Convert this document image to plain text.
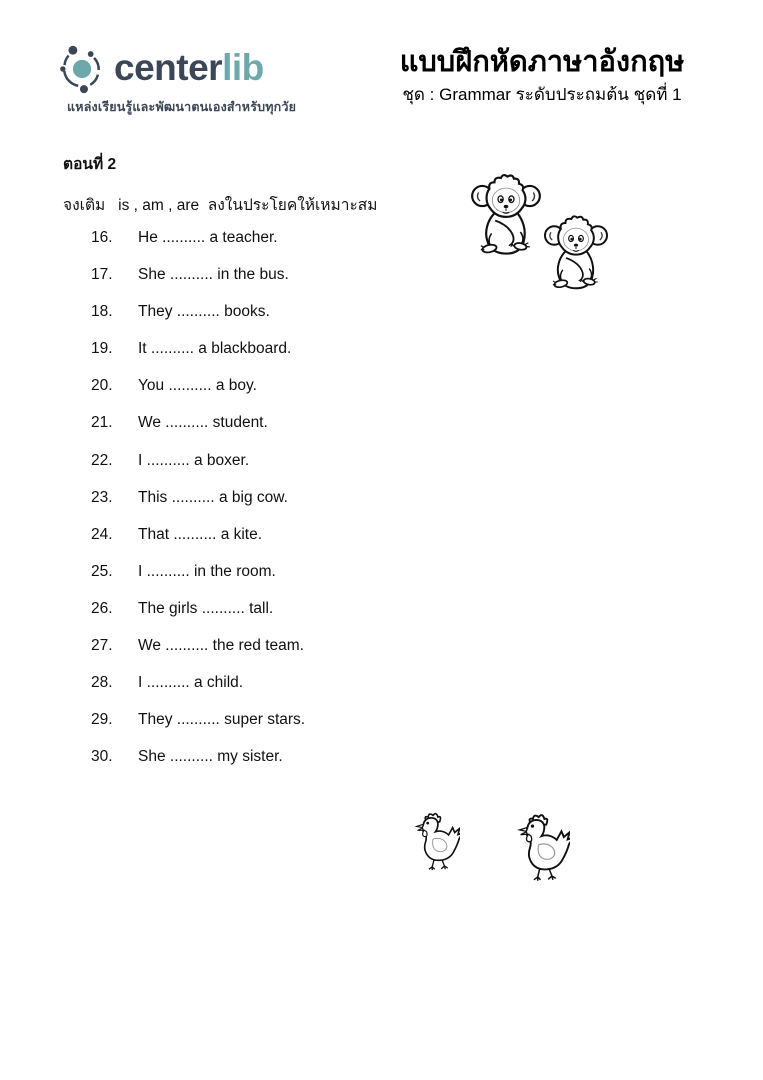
centerlib
แหล่งเรียนรู้และพัฒนาตนเองสำหรับทุกวัย
แบบฝึกหัดภาษาอังกฤษ
ชุด : Grammar ระดับประถมต้น ชุดที่ 1
ตอนที่ 2
จงเติม   is , am , are  ลงในประโยคให้เหมาะสม
16.	He .......... a teacher.
17.	She .......... in the bus.
18.	They .......... books.
19.	It .......... a blackboard.
20.	You .......... a boy.
21.	We .......... student.
22.	I .......... a boxer.
23.	This .......... a big cow.
24.	That .......... a kite.
25.	I .......... in the room.
26.	The girls .......... tall.
27.	We .......... the red team.
28.	I .......... a child.
29.	They .......... super stars.
30.	She .......... my sister.
